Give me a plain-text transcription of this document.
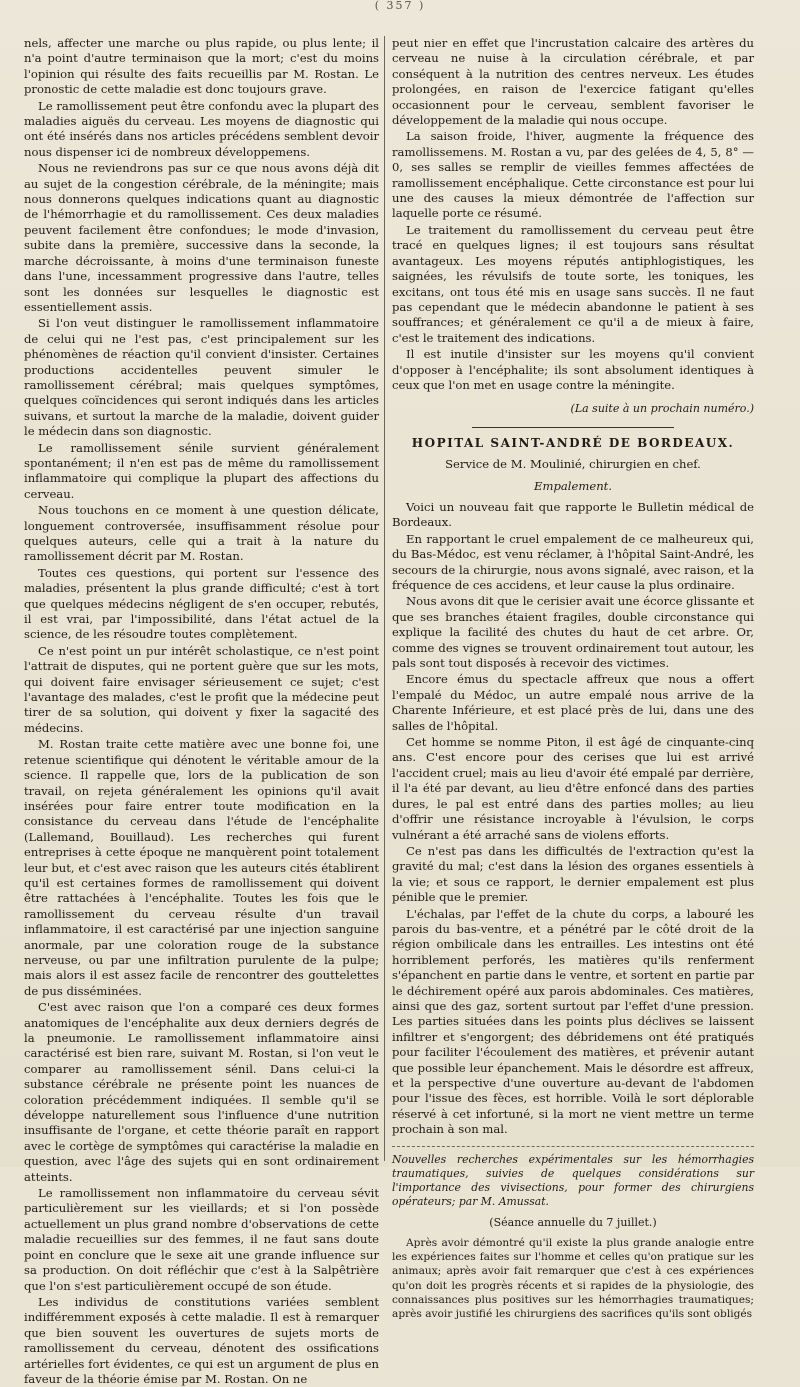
( 357 )

nels, affecter une marche ou plus rapide, ou plus lente; il n'a point d'autre terminaison que la mort; c'est du moins l'opinion qui résulte des faits recueillis par M. Rostan. Le pronostic de cette maladie est donc toujours grave.

Le ramollissement peut être confondu avec la plupart des maladies aiguës du cerveau. Les moyens de diagnostic qui ont été insérés dans nos articles précédens semblent devoir nous dispenser ici de nombreux développemens.

Nous ne reviendrons pas sur ce que nous avons déjà dit au sujet de la congestion cérébrale, de la méningite; mais nous donnerons quelques indications quant au diagnostic de l'hémorrhagie et du ramollissement. Ces deux maladies peuvent facilement être confondues; le mode d'invasion, subite dans la première, successive dans la seconde, la marche décroissante, à moins d'une terminaison funeste dans l'une, incessamment progressive dans l'autre, telles sont les données sur lesquelles le diagnostic est essentiellement assis.

Si l'on veut distinguer le ramollissement inflammatoire de celui qui ne l'est pas, c'est principalement sur les phénomènes de réaction qu'il convient d'insister. Certaines productions accidentelles peuvent simuler le ramollissement cérébral; mais quelques symptômes, quelques coïncidences qui seront indiqués dans les articles suivans, et surtout la marche de la maladie, doivent guider le médecin dans son diagnostic.

Le ramollissement sénile survient généralement spontanément; il n'en est pas de même du ramollissement inflammatoire qui complique la plupart des affections du cerveau.

Nous touchons en ce moment à une question délicate, longuement controversée, insuffisamment résolue pour quelques auteurs, celle qui a trait à la nature du ramollissement décrit par M. Rostan.

Toutes ces questions, qui portent sur l'essence des maladies, présentent la plus grande difficulté; c'est à tort que quelques médecins négligent de s'en occuper, rebutés, il est vrai, par l'impossibilité, dans l'état actuel de la science, de les résoudre toutes complètement.

Ce n'est point un pur intérêt scholastique, ce n'est point l'attrait de disputes, qui ne portent guère que sur les mots, qui doivent faire envisager sérieusement ce sujet; c'est l'avantage des malades, c'est le profit que la médecine peut tirer de sa solution, qui doivent y fixer la sagacité des médecins.

M. Rostan traite cette matière avec une bonne foi, une retenue scientifique qui dénotent le véritable amour de la science. Il rappelle que, lors de la publication de son travail, on rejeta généralement les opinions qu'il avait insérées pour faire entrer toute modification en la consistance du cerveau dans l'étude de l'encéphalite (Lallemand, Bouillaud). Les recherches qui furent entreprises à cette époque ne manquèrent point totalement leur but, et c'est avec raison que les auteurs cités établirent qu'il est certaines formes de ramollissement qui doivent être rattachées à l'encéphalite. Toutes les fois que le ramollissement du cerveau résulte d'un travail inflammatoire, il est caractérisé par une injection sanguine anormale, par une coloration rouge de la substance nerveuse, ou par une infiltration purulente de la pulpe; mais alors il est assez facile de rencontrer des gouttelettes de pus disséminées.

C'est avec raison que l'on a comparé ces deux formes anatomiques de l'encéphalite aux deux derniers degrés de la pneumonie. Le ramollissement inflammatoire ainsi caractérisé est bien rare, suivant M. Rostan, si l'on veut le comparer au ramollissement sénil. Dans celui-ci la substance cérébrale ne présente point les nuances de coloration précédemment indiquées. Il semble qu'il se développe naturellement sous l'influence d'une nutrition insuffisante de l'organe, et cette théorie paraît en rapport avec le cortège de symptômes qui caractérise la maladie en question, avec l'âge des sujets qui en sont ordinairement atteints.

Le ramollissement non inflammatoire du cerveau sévit particulièrement sur les vieillards; et si l'on possède actuellement un plus grand nombre d'observations de cette maladie recueillies sur des femmes, il ne faut sans doute point en conclure que le sexe ait une grande influence sur sa production. On doit réfléchir que c'est à la Salpêtrière que l'on s'est particulièrement occupé de son étude.

Les individus de constitutions variées semblent indifféremment exposés à cette maladie. Il est à remarquer que bien souvent les ouvertures de sujets morts de ramollissement du cerveau, dénotent des ossifications artérielles fort évidentes, ce qui est un argument de plus en faveur de la théorie émise par M. Rostan. On ne

peut nier en effet que l'incrustation calcaire des artères du cerveau ne nuise à la circulation cérébrale, et par conséquent à la nutrition des centres nerveux. Les études prolongées, en raison de l'exercice fatigant qu'elles occasionnent pour le cerveau, semblent favoriser le développement de la maladie qui nous occupe.

La saison froide, l'hiver, augmente la fréquence des ramollissemens. M. Rostan a vu, par des gelées de 4, 5, 8° — 0, ses salles se remplir de vieilles femmes affectées de ramollissement encéphalique. Cette circonstance est pour lui une des causes la mieux démontrée de l'affection sur laquelle porte ce résumé.

Le traitement du ramollissement du cerveau peut être tracé en quelques lignes; il est toujours sans résultat avantageux. Les moyens réputés antiphlogistiques, les saignées, les révulsifs de toute sorte, les toniques, les excitans, ont tous été mis en usage sans succès. Il ne faut pas cependant que le médecin abandonne le patient à ses souffrances; et généralement ce qu'il a de mieux à faire, c'est le traitement des indications.

Il est inutile d'insister sur les moyens qu'il convient d'opposer à l'encéphalite; ils sont absolument identiques à ceux que l'on met en usage contre la méningite.

(La suite à un prochain numéro.)
HOPITAL SAINT-ANDRÉ DE BORDEAUX.
Service de M. Moulinié, chirurgien en chef.
Empalement.

Voici un nouveau fait que rapporte le Bulletin médical de Bordeaux.

En rapportant le cruel empalement de ce malheureux qui, du Bas-Médoc, est venu réclamer, à l'hôpital Saint-André, les secours de la chirurgie, nous avons signalé, avec raison, et la fréquence de ces accidens, et leur cause la plus ordinaire.

Nous avons dit que le cerisier avait une écorce glissante et que ses branches étaient fragiles, double circonstance qui explique la facilité des chutes du haut de cet arbre. Or, comme des vignes se trouvent ordinairement tout autour, les pals sont tout disposés à recevoir des victimes.

Encore émus du spectacle affreux que nous a offert l'empalé du Médoc, un autre empalé nous arrive de la Charente Inférieure, et est placé près de lui, dans une des salles de l'hôpital.

Cet homme se nomme Piton, il est âgé de cinquante-cinq ans. C'est encore pour des cerises que lui est arrivé l'accident cruel; mais au lieu d'avoir été empalé par derrière, il l'a été par devant, au lieu d'être enfoncé dans des parties dures, le pal est entré dans des parties molles; au lieu d'offrir une résistance incroyable à l'évulsion, le corps vulnérant a été arraché sans de violens efforts.

Ce n'est pas dans les difficultés de l'extraction qu'est la gravité du mal; c'est dans la lésion des organes essentiels à la vie; et sous ce rapport, le dernier empalement est plus pénible que le premier.

L'échalas, par l'effet de la chute du corps, a labouré les parois du bas-ventre, et a pénétré par le côté droit de la région ombilicale dans les entrailles. Les intestins ont été horriblement perforés, les matières qu'ils renferment s'épanchent en partie dans le ventre, et sortent en partie par le déchirement opéré aux parois abdominales. Ces matières, ainsi que des gaz, sortent surtout par l'effet d'une pression. Les parties situées dans les points plus déclives se laissent infiltrer et s'engorgent; des débridemens ont été pratiqués pour faciliter l'écoulement des matières, et prévenir autant que possible leur épanchement. Mais le désordre est affreux, et la perspective d'une ouverture au-devant de l'abdomen pour l'issue des fèces, est horrible. Voilà le sort déplorable réservé à cet infortuné, si la mort ne vient mettre un terme prochain à son mal.

Nouvelles recherches expérimentales sur les hémorrhagies traumatiques, suivies de quelques considérations sur l'importance des vivisections, pour former des chirurgiens opérateurs; par M. Amussat.
(Séance annuelle du 7 juillet.)

Après avoir démontré qu'il existe la plus grande analogie entre les expériences faites sur l'homme et celles qu'on pratique sur les animaux; après avoir fait remarquer que c'est à ces expériences qu'on doit les progrès récents et si rapides de la physiologie, des connaissances plus positives sur les hémorrhagies traumatiques; après avoir justifié les chirurgiens des sacrifices qu'ils sont obligés
